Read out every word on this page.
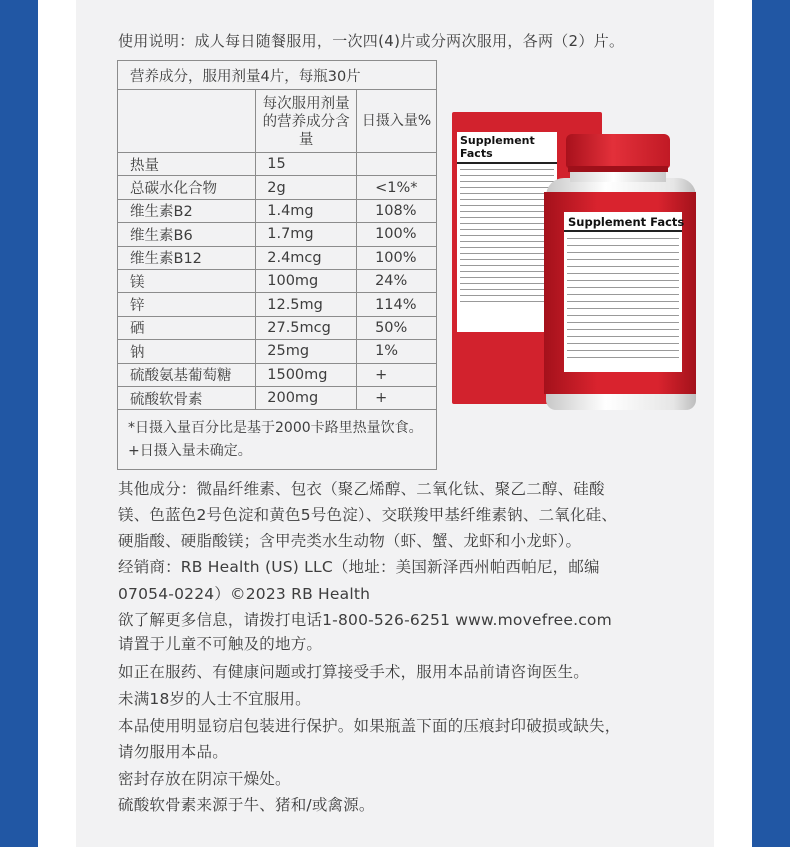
使用说明：成人每日随餐服用，一次四(4)片或分两次服用，各两（2）片。
营养成分，服用剂量4片，每瓶30片		
	每次服用剂量的营养成分含量	日摄入量%
热量	15	
总碳水化合物	2g	<1%*
维生素B2	1.4mg	108%
维生素B6	1.7mg	100%
维生素B12	2.4mcg	100%
镁	100mg	24%
锌	12.5mg	114%
硒	27.5mcg	50%
钠	25mg	1%
硫酸氨基葡萄糖	1500mg	+
硫酸软骨素	200mg	+

*日摄入量百分比是基于2000卡路里热量饮食。
+日摄入量未确定。		
Supplement Facts
Supplement Facts
其他成分：微晶纤维素、包衣（聚乙烯醇、二氧化钛、聚乙二醇、硅酸
镁、色蓝色2号色淀和黄色5号色淀）、交联羧甲基纤维素钠、二氧化硅、
硬脂酸、硬脂酸镁；含甲壳类水生动物（虾、蟹、龙虾和小龙虾）。
经销商：RB Health (US) LLC（地址：美国新泽西州帕西帕尼，邮编
07054-0224）©2023 RB Health
欲了解更多信息，请拨打电话1-800-526-6251 www.movefree.com
请置于儿童不可触及的地方。
如正在服药、有健康问题或打算接受手术，服用本品前请咨询医生。
未满18岁的人士不宜服用。
本品使用明显窃启包装进行保护。如果瓶盖下面的压痕封印破损或缺失，
请勿服用本品。
密封存放在阴凉干燥处。
硫酸软骨素来源于牛、猪和/或禽源。
